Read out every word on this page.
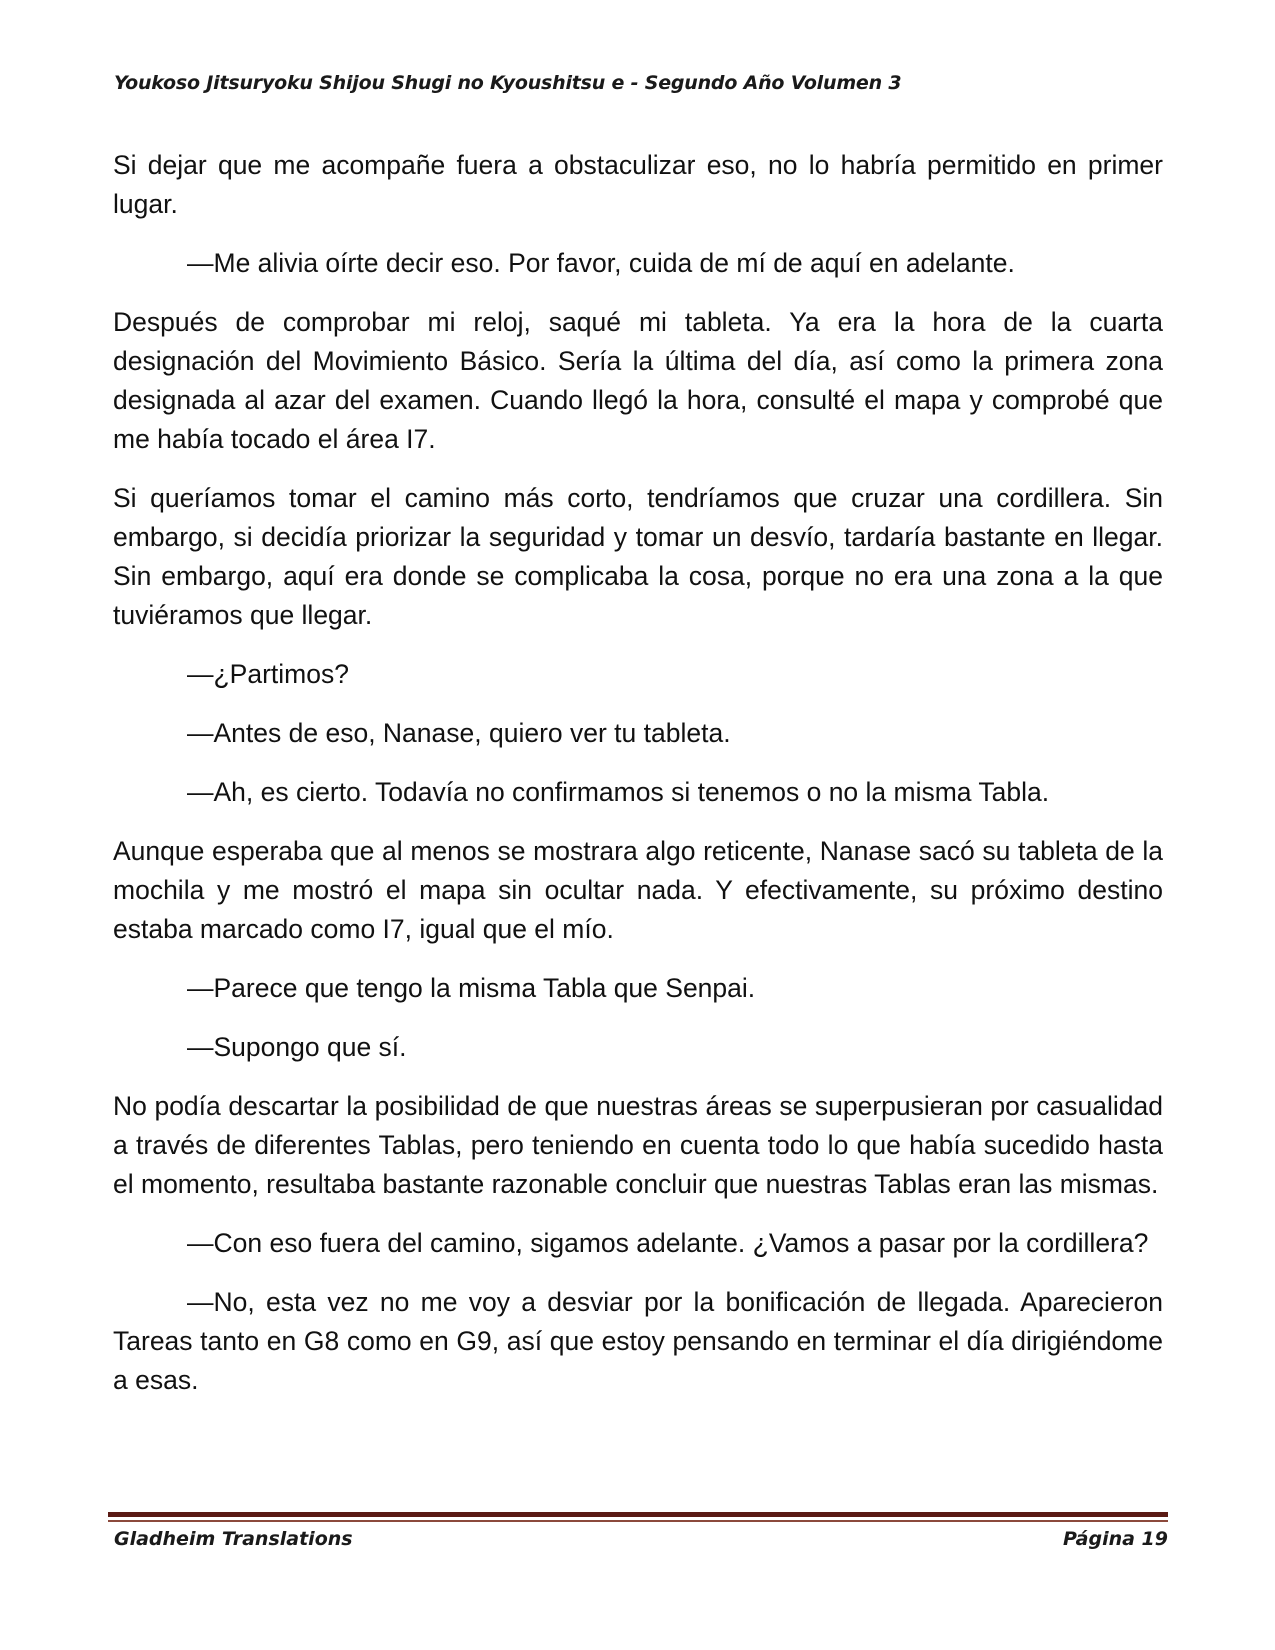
Youkoso Jitsuryoku Shijou Shugi no Kyoushitsu e - Segundo Año Volumen 3

Si dejar que me acompañe fuera a obstaculizar eso, no lo habría permitido en primer lugar.

—Me alivia oírte decir eso. Por favor, cuida de mí de aquí en adelante.

Después de comprobar mi reloj, saqué mi tableta. Ya era la hora de la cuarta designación del Movimiento Básico. Sería la última del día, así como la primera zona designada al azar del examen. Cuando llegó la hora, consulté el mapa y comprobé que me había tocado el área I7.

Si queríamos tomar el camino más corto, tendríamos que cruzar una cordillera. Sin embargo, si decidía priorizar la seguridad y tomar un desvío, tardaría bastante en llegar. Sin embargo, aquí era donde se complicaba la cosa, porque no era una zona a la que tuviéramos que llegar.

—¿Partimos?

—Antes de eso, Nanase, quiero ver tu tableta.

—Ah, es cierto. Todavía no confirmamos si tenemos o no la misma Tabla.

Aunque esperaba que al menos se mostrara algo reticente, Nanase sacó su tableta de la mochila y me mostró el mapa sin ocultar nada. Y efectivamente, su próximo destino estaba marcado como I7, igual que el mío.

—Parece que tengo la misma Tabla que Senpai.

—Supongo que sí.

No podía descartar la posibilidad de que nuestras áreas se superpusieran por casualidad a través de diferentes Tablas, pero teniendo en cuenta todo lo que había sucedido hasta el momento, resultaba bastante razonable concluir que nuestras Tablas eran las mismas.

—Con eso fuera del camino, sigamos adelante. ¿Vamos a pasar por la cordillera?

—No, esta vez no me voy a desviar por la bonificación de llegada. Aparecieron Tareas tanto en G8 como en G9, así que estoy pensando en terminar el día dirigiéndome a esas.

Gladheim Translations	Página 19
